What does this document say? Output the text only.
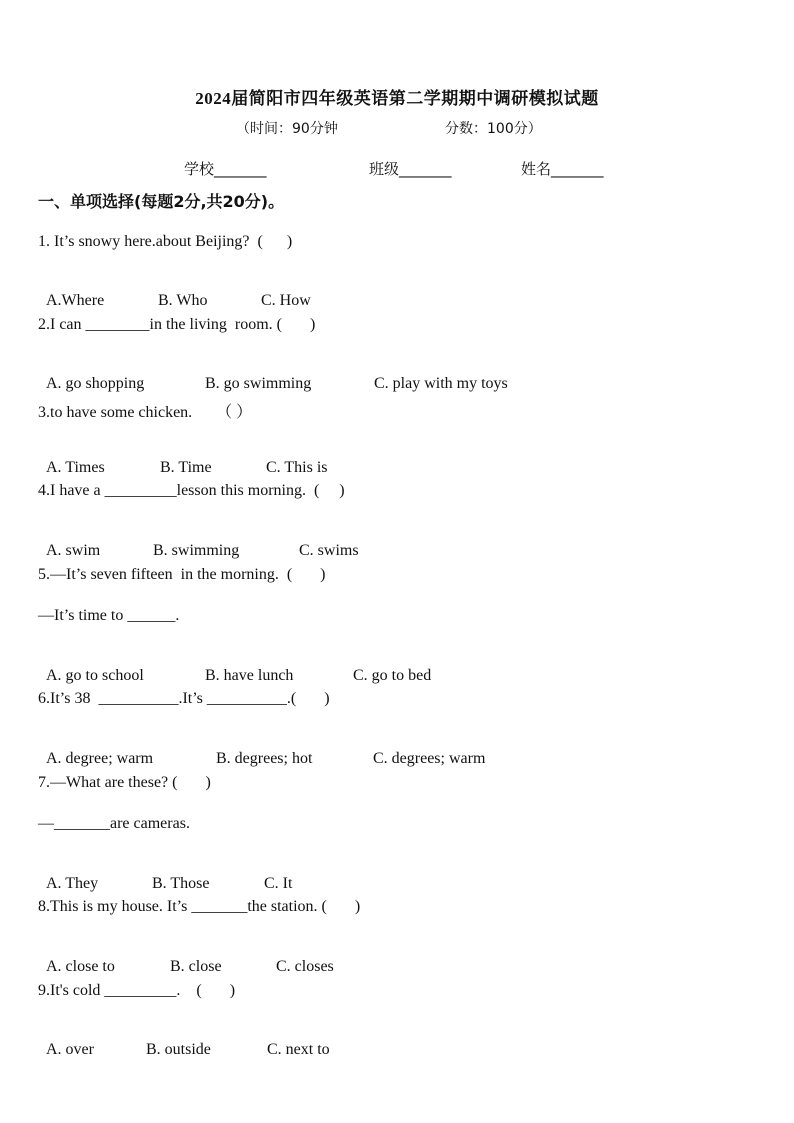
2024届简阳市四年级英语第二学期期中调研模拟试题
（时间：90分钟	分数：100分）
学校_______	班级_______	姓名_______
一、单项选择(每题2分,共20分)。
1. It’s snowy here.about Beijing?  (      )

A.Where	B. Who	C. How

2.I can ________in the living  room. (       )

A. go shopping	B. go swimming	C. play with my toys

3.to have some chicken.      （ ）

A. Times	B. Time	C. This is

4.I have a _________lesson this morning.  (     )

A. swim	B. swimming	C. swims

5.—It’s seven fifteen  in the morning.  (       )
—It’s time to ______.

A. go to school	B. have lunch	C. go to bed

6.It’s 38  __________.It’s __________.(       )

A. degree; warm	B. degrees; hot	C. degrees; warm

7.—What are these? (       )
—_______are cameras.

A. They	B. Those	C. It

8.This is my house. It’s _______the station. (       )

A. close to	B. close	C. closes

9.It's cold _________.    (       )

A. over	B. outside	C. next to
